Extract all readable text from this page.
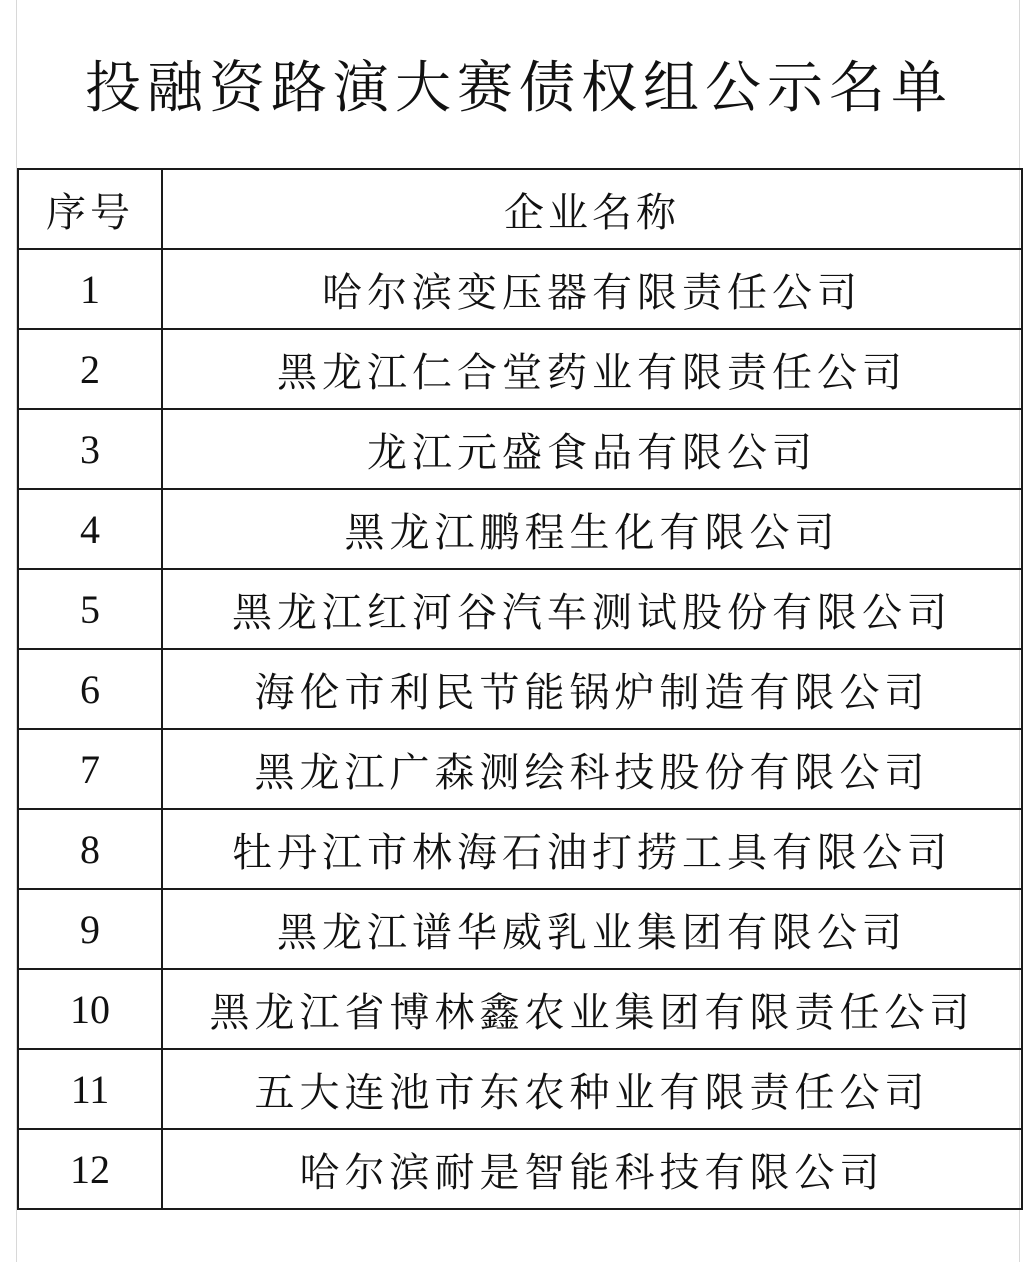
投融资路演大赛债权组公示名单
序号	企业名称
1	哈尔滨变压器有限责任公司
2	黑龙江仁合堂药业有限责任公司
3	龙江元盛食品有限公司
4	黑龙江鹏程生化有限公司
5	黑龙江红河谷汽车测试股份有限公司
6	海伦市利民节能锅炉制造有限公司
7	黑龙江广森测绘科技股份有限公司
8	牡丹江市林海石油打捞工具有限公司
9	黑龙江谱华威乳业集团有限公司
10	黑龙江省博林鑫农业集团有限责任公司
11	五大连池市东农种业有限责任公司
12	哈尔滨耐是智能科技有限公司
